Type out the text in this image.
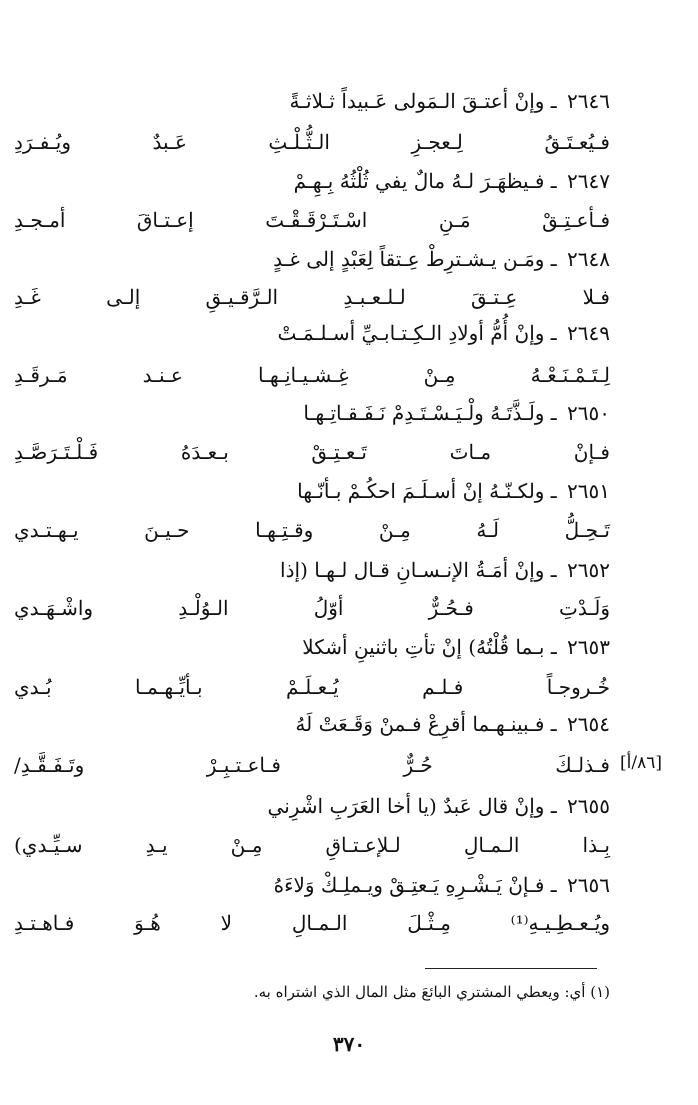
٢٦٤٦ ـ وإنْ أعتـقَ الـمَولى عَـبيداً ثـلاثـةً
فـيُعـتَـقُ لِـعجـزِ الـثُّـلْـثِ عَـبدٌ ويُـفـرَدِ
٢٦٤٧ ـ فـيظهَـرَ لـهُ مالٌ يفي ثُلْثُهُ بِـهِـمْ
فـأعـتِـقْ مَـنِ اسْـتَـرْقَـقْـتَ إعـتـاقَ أمـجـدِ
٢٦٤٨ ـ ومَـن يـشـترِطْ عِـتقاً لِعَبْدٍ إلى غـدٍ
فـلا عِـتـقَ لـلـعـبـدِ الـرَّقـيـقِ إلـى غَـدِ
٢٦٤٩ ـ وإنْ أُمُّ أولادِ الـكِـتـابـيِّ أسـلـمَـتْ
لِـتَـمْـنَـعْـهُ مِـنْ غِـشـيـانِـهـا عـنـد مَـرقَـدِ
٢٦٥٠ ـ ولَـذَّتَـهُ ولْـيَـسْـتَـدِمْ نَـفَـقـاتِـهـا
فـإنْ مـاتَ تَـعـتِـقْ بـعـدَهُ فَـلْـتَـرَصَّـدِ
٢٦٥١ ـ ولكـنّـهُ إنْ أسـلَـمَ احكُـمْ بـأنّـها
تَـحِـلُّ لَـهُ مِـنْ وقـتِـهـا حـيـنَ يـهـتـدي
٢٦٥٢ ـ وإنْ أمَـةُ الإنـسـانِ قـال لـهـا (إذا
وَلَـدْتِ فـحُـرٌّ أوّلُ الـوُلْـدِ واشْـهَـدي
٢٦٥٣ ـ بـما قُلْتُهُ) إنْ تأتِ باثنينِ أشكلا
خُـروجـاً فـلـم يُـعـلَـمْ بـأيِّـهـمـا بُـدي
٢٦٥٤ ـ فـبينـهـما أقرِعْ فـمنْ وَقَـعَتْ لَهُ
فـذلـكَ حُـرٌّ فـاعـتـبِـرْ وتَـفَـقَّـدِ/
٢٦٥٥ ـ وإنْ قال عَبدٌ (يا أخا العَرَبِ اشْرِني
بِـذا الـمـالِ لـلإعـتـاقِ مِـنْ يـدِ سـيِّـدي)
٢٦٥٦ ـ فـإنْ يَـشْـرِهِ يَـعتِـقْ ويـملِـكْ وَلاءَهُ
ويُـعـطِـيـهِ⁽¹⁾ مِـثْـلَ الـمـالِ لا هُـوَ فـاهـتـدِ
[٨٦/أ]
(١) أي: ويعطي المشتري البائعَ مثل المال الذي اشتراه به.
٣٧٠
